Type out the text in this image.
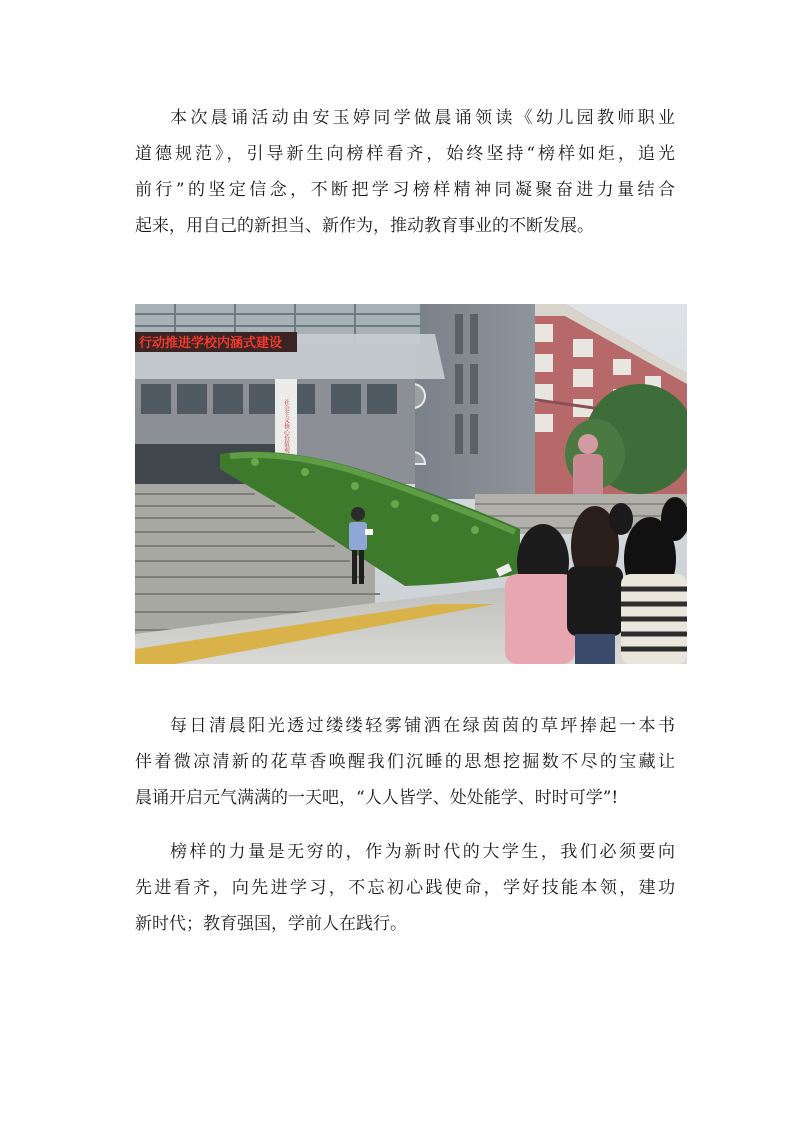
本次晨诵活动由安玉婷同学做晨诵领读《幼儿园教师职业
道德规范》，引导新生向榜样看齐，始终坚持“榜样如炬，追光
前行”的坚定信念，不断把学习榜样精神同凝聚奋进力量结合
起来，用自己的新担当、新作为，推动教育事业的不断发展。
行动推进学校内涵式建设
社会主义核心价值观
每日清晨阳光透过缕缕轻雾铺洒在绿茵茵的草坪捧起一本书
伴着微凉清新的花草香唤醒我们沉睡的思想挖掘数不尽的宝藏让
晨诵开启元气满满的一天吧，“人人皆学、处处能学、时时可学”!
榜样的力量是无穷的，作为新时代的大学生，我们必须要向
先进看齐，向先进学习，不忘初心践使命，学好技能本领，建功
新时代；教育强国，学前人在践行。
